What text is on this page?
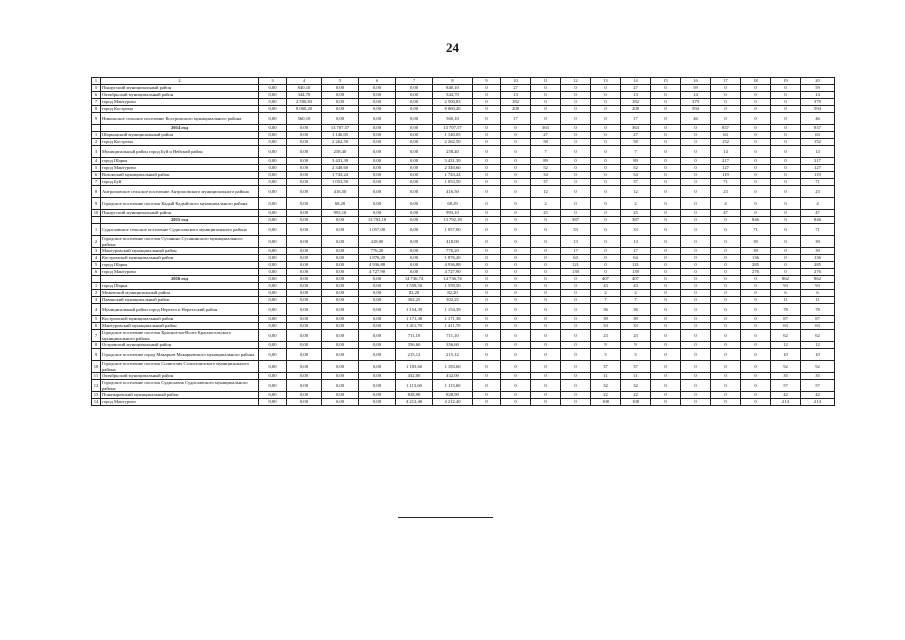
24
1	2	3	4	5	6	7	8	9	10	11	12	13	14	15	16	17	18	19	20
5	Пыщугский муниципальный район	0,00	840,10	0,00	0,00	0,00	840,10	0	27	0	0	0	27	0	59	0	0	0	59
6	Октябрьский муниципальный район	0,00	344,70	0,00	0,00	0,00	344,70	0	13	0	0	0	13	0	14	0	0	0	14
7	город Мантурово	0,00	2 500,83	0,00	0,00	0,00	2 500,83	0	182	0	0	0	182	0	379	0	0	0	379
8	город Кострома	0,00	8 060,20	0,00	0,00	0,00	8 060,20	0	208	0	0	0	208	0	594	0	0	0	594
9	Никольское сельское поселение Костромского муниципального района	0,00	560,10	0,00	0,00	0,00	560,10	0	17	0	0	0	17	0	46	0	0	0	46
	2014 год	0,00	0,00	13 707,57	0,00	0,00	13 707,57	0	0	363	0	0	363	0	0	837	0	0	837
1	Шарьинский муниципальный район	0,00	0,00	1 140,05	0,00	0,00	1 140,05	0	0	27	0	0	27	0	0	63	0	0	63
2	город Кострома	0,00	0,00	2 262,50	0,00	0,00	2 262,50	0	0	58	0	0	58	0	0	152	0	0	152
3	Муниципальный район город Буй и Нейский район	0,00	0,00	258,40	0,00	0,00	258,40	0	0	7	0	0	7	0	0	14	0	0	14
4	город Шарья	0,00	0,00	3 431,39	0,00	0,00	3 431,39	0	0	89	0	0	89	0	0	217	0	0	217
5	город Мантурово	0,00	0,00	2 340,60	0,00	0,00	2 340,60	0	0	52	0	0	52	0	0	127	0	0	127
6	Вохомский муниципальный район	0,00	0,00	1 743,24	0,00	0,00	1 743,24	0	0	34	0	0	54	0	0	119	0	0	119
7	город Буй	0,00	0,00	1 053,50	0,00	0,00	1 053,50	0	0	37	0	0	37	0	0	71	0	0	71
8	Антроповское сельское поселение Антроповского муниципального района	0,00	0,00	416,50	0,00	0,00	416,50	0	0	12	0	0	12	0	0	23	0	0	23
9	Городское поселение поселок Кадый Кадыйского муниципального района	0,00	0,00	68,29	0,00	0,00	68,29	0	0	2	0	0	2	0	0	4	0	0	4
10	Пыщугский муниципальный район	0,00	0,00	993,10	0,00	0,00	993,10	0	0	25	0	0	25	0	0	47	0	0	47
	2015 год	0,00	0,00	0,00	13 792,18	0,00	13 792,18	0	0	0	387	0	387	0	0	0	846	0	846
1	Судиславское сельское поселение Судиславского муниципального района	0,00	0,00	0,00	1 057,00	0,00	1 057,00	0	0	0	33	0	33	0	0	0	71	0	71
2	Городское поселение поселок Сусанино Сусанинского муниципального района	0,00	0,00	0,00	418,00	0,00	418,00	0	0	0	13	0	13	0	0	0	39	0	39
3	Мантуровский муниципальный район	0,00	0,00	0,00	776,20	0,00	776,20	0	0	0	17	0	17	0	0	0	39	0	39
4	Костромской муниципальный район	0,00	0,00	0,00	1 876,20	0,00	1 876,20	0	0	0	64	0	64	0	0	0	136	0	136
5	город Шарья	0,00	0,00	0,00	4 936,88	0,00	4 936,88	0	0	0	121	0	121	0	0	0	285	0	285
6	город Мантурово	0,00	0,00	0,00	4 727,90	0,00	4 727,90	0	0	0	139	0	139	0	0	0	276	0	276
	2016 год	0,00	0,00	0,00	0,00	14 736,74	14 736,74	0	0	0	0	407	407	0	0	0	0	862	862
1	город Шарья	0,00	0,00	0,00	0,00	1 559,50	1 559,50	0	0	0	0	43	43	0	0	0	0	93	93
2	Межевской муниципальный район	0,00	0,00	0,00	0,00	82,20	82,20	0	0	0	0	2	2	0	0	0	0	6	6
3	Павинский муниципальный район	0,00	0,00	0,00	0,00	302,25	302,25	0	0	0	0	7	7	0	0	0	0	11	11
4	Муниципальный район город Нерехта и Нерехтский район	0,00	0,00	0,00	0,00	1 154,39	1 154,39	0	0	0	0	36	36	0	0	0	0	78	78
5	Костромской муниципальный район	0,00	0,00	0,00	0,00	1 171,38	1 171,38	0	0	0	0	39	39	0	0	0	0	87	87
6	Мантуровский муниципальный район	0,00	0,00	0,00	0,00	1 411,70	1 411,70	0	0	0	0	33	33	0	0	0	0	63	63
7	Городское поселение поселок Красное-на-Волге Красносельского муниципального района	0,00	0,00	0,00	0,00	711,10	711,10	0	0	0	0	23	23	0	0	0	0	62	62
8	Островский муниципальный район	0,00	0,00	0,00	0,00	356,60	356,60	0	0	0	0	9	9	0	0	0	0	12	12
9	Городское поселение город Макарьев Макарьевского муниципального района	0,00	0,00	0,00	0,00	215,12	215,12	0	0	0	0	5	5	0	0	0	0	10	10
10	Городское поселение поселок Солигалич Солигаличского муниципального района	0,00	0,00	0,00	0,00	1 183,60	1 183,60	0	0	0	0	37	37	0	0	0	0	92	92
11	Октябрьский муниципальный район	0,00	0,00	0,00	0,00	432,00	432,00	0	0	0	0	11	11	0	0	0	0	35	35
12	Городское поселение поселок Судиславль Судиславского муниципального района	0,00	0,00	0,00	0,00	1 113,60	1 113,60	0	0	0	0	32	32	0	0	0	0	57	57
13	Поназыревский муниципальный район	0,00	0,00	0,00	0,00	828,90	828,90	0	0	0	0	22	22	0	0	0	0	42	42
14	город Мантурово	0,00	0,00	0,00	0,00	4 212,40	4 212,40	0	0	0	0	108	108	0	0	0	0	214	214
